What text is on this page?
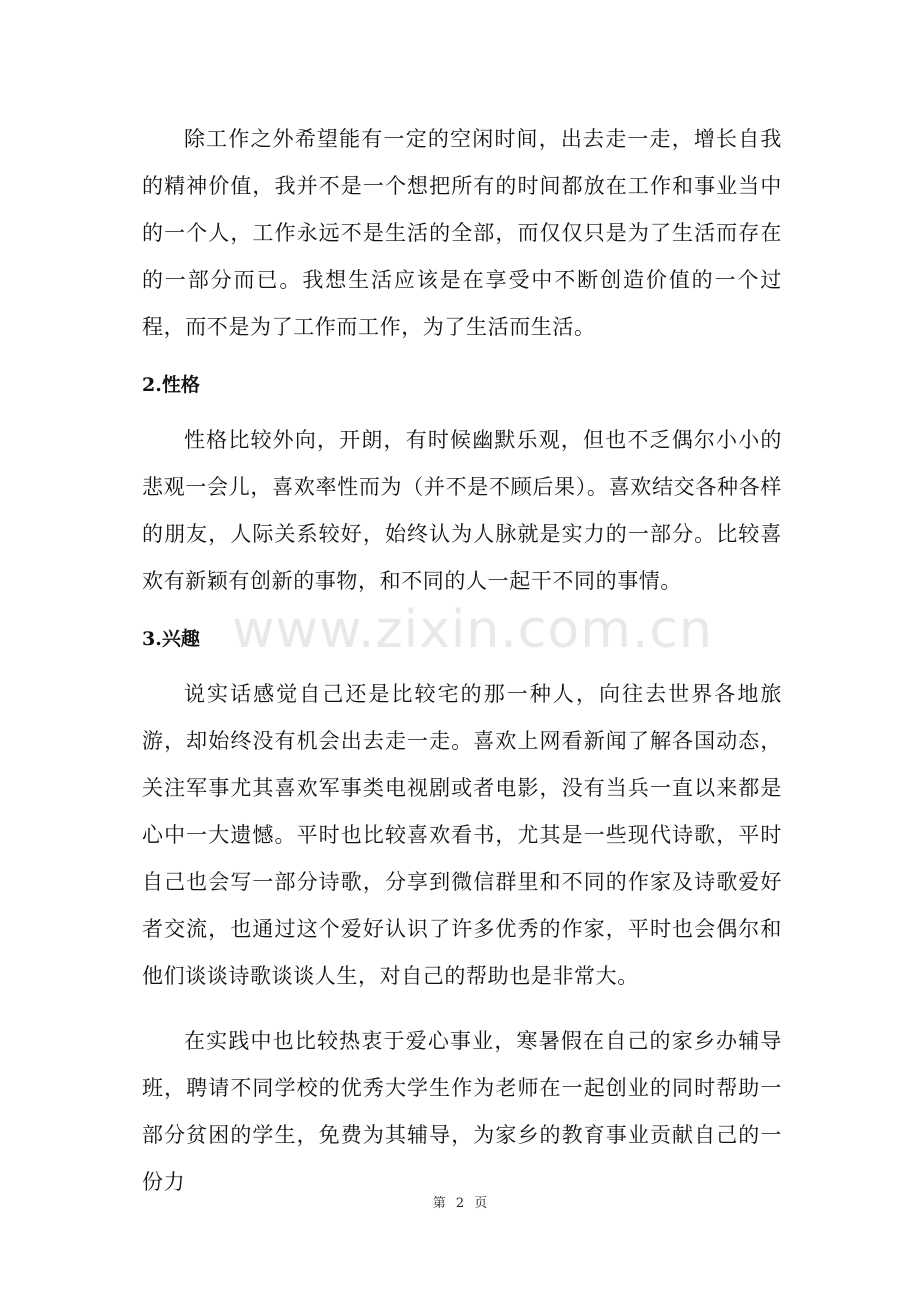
除工作之外希望能有一定的空闲时间，出去走一走，增长自我的精神价值，我并不是一个想把所有的时间都放在工作和事业当中的一个人，工作永远不是生活的全部，而仅仅只是为了生活而存在的一部分而已。我想生活应该是在享受中不断创造价值的一个过程，而不是为了工作而工作，为了生活而生活。

2.性格

性格比较外向，开朗，有时候幽默乐观，但也不乏偶尔小小的悲观一会儿，喜欢率性而为（并不是不顾后果）。喜欢结交各种各样的朋友，人际关系较好，始终认为人脉就是实力的一部分。比较喜欢有新颖有创新的事物，和不同的人一起干不同的事情。

3.兴趣

说实话感觉自己还是比较宅的那一种人，向往去世界各地旅游，却始终没有机会出去走一走。喜欢上网看新闻了解各国动态，关注军事尤其喜欢军事类电视剧或者电影，没有当兵一直以来都是心中一大遗憾。平时也比较喜欢看书，尤其是一些现代诗歌，平时自己也会写一部分诗歌，分享到微信群里和不同的作家及诗歌爱好者交流，也通过这个爱好认识了许多优秀的作家，平时也会偶尔和他们谈谈诗歌谈谈人生，对自己的帮助也是非常大。

在实践中也比较热衷于爱心事业，寒暑假在自己的家乡办辅导班，聘请不同学校的优秀大学生作为老师在一起创业的同时帮助一部分贫困的学生，免费为其辅导，为家乡的教育事业贡献自己的一份力

www.zixin.com.cn
第 2 页
